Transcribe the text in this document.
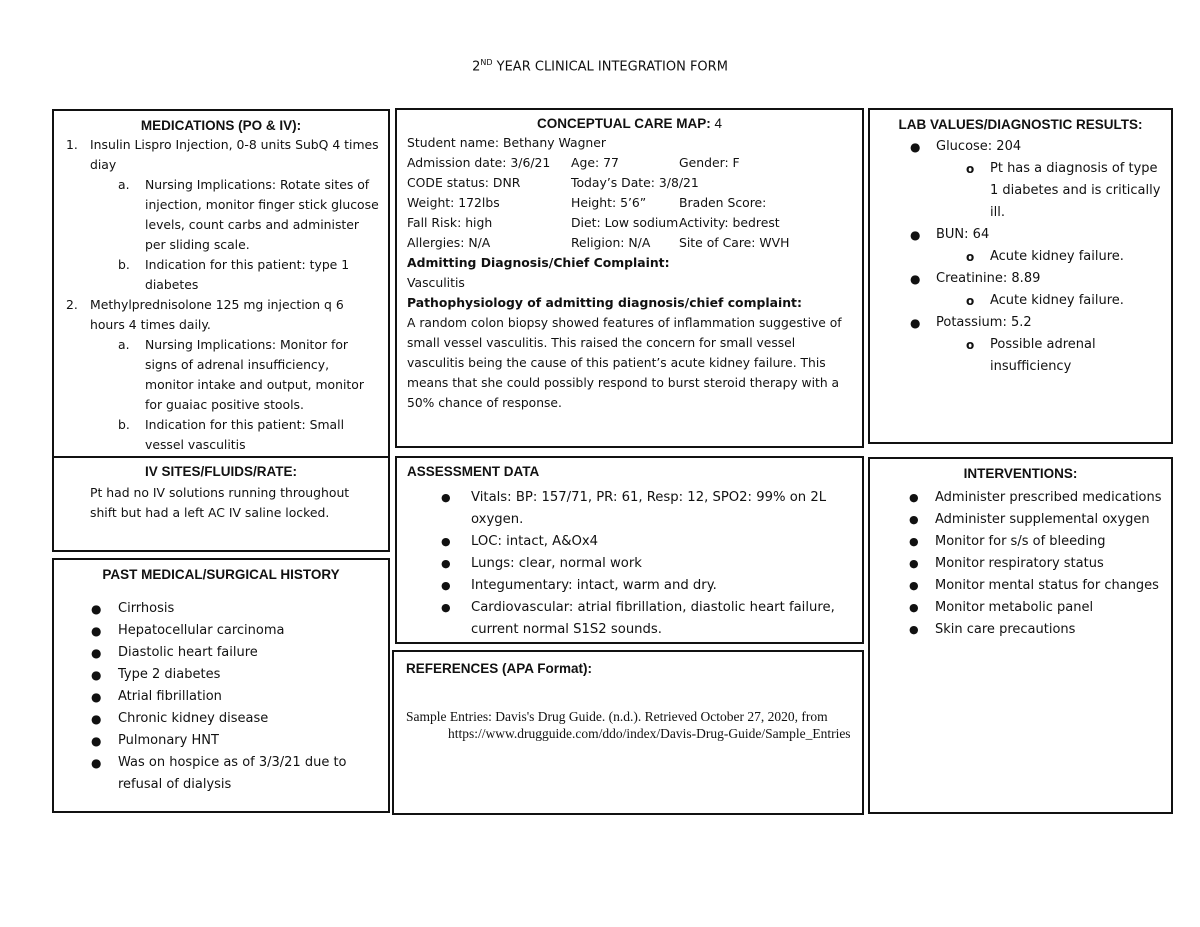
2ND YEAR CLINICAL INTEGRATION FORM
MEDICATIONS (PO & IV):
1. Insulin Lispro Injection, 0-8 units SubQ 4 times diay
a. Nursing Implications: Rotate sites of injection, monitor finger stick glucose levels, count carbs and administer per sliding scale.
b. Indication for this patient: type 1 diabetes
2. Methylprednisolone 125 mg injection q 6 hours 4 times daily.
a. Nursing Implications: Monitor for signs of adrenal insufficiency, monitor intake and output, monitor for guaiac positive stools.
b. Indication for this patient: Small vessel vasculitis
IV SITES/FLUIDS/RATE:
Pt had no IV solutions running throughout shift but had a left AC IV saline locked.
PAST MEDICAL/SURGICAL HISTORY
● Cirrhosis
● Hepatocellular carcinoma
● Diastolic heart failure
● Type 2 diabetes
● Atrial fibrillation
● Chronic kidney disease
● Pulmonary HNT
● Was on hospice as of 3/3/21 due to refusal of dialysis
CONCEPTUAL CARE MAP: 4
Student name: Bethany Wagner
Admission date: 3/6/21 Age: 77	Gender: F
CODE status: DNR	Today’s Date: 3/8/21
Weight: 172lbs	Height: 5’6”	Braden Score:
Fall Risk: high	Diet: Low sodium Activity: bedrest
Allergies: N/A	Religion: N/A Site of Care: WVH
Admitting Diagnosis/Chief Complaint:
Vasculitis
Pathophysiology of admitting diagnosis/chief complaint:
A random colon biopsy showed features of inflammation suggestive of small vessel vasculitis. This raised the concern for small vessel vasculitis being the cause of this patient’s acute kidney failure. This means that she could possibly respond to burst steroid therapy with a 50% chance of response.
ASSESSMENT DATA
● Vitals: BP: 157/71, PR: 61, Resp: 12, SPO2: 99% on 2L oxygen.
● LOC: intact, A&Ox4
● Lungs: clear, normal work
● Integumentary: intact, warm and dry.
● Cardiovascular: atrial fibrillation, diastolic heart failure, current normal S1S2 sounds.
REFERENCES (APA Format):
Sample Entries: Davis's Drug Guide. (n.d.). Retrieved October 27, 2020, from https://www.drugguide.com/ddo/index/Davis-Drug-Guide/Sample_Entries
LAB VALUES/DIAGNOSTIC RESULTS:
● Glucose: 204
o Pt has a diagnosis of type 1 diabetes and is critically ill.
● BUN: 64
o Acute kidney failure.
● Creatinine: 8.89
o Acute kidney failure.
● Potassium: 5.2
o Possible adrenal insufficiency
INTERVENTIONS:
● Administer prescribed medications
● Administer supplemental oxygen
● Monitor for s/s of bleeding
● Monitor respiratory status
● Monitor mental status for changes
● Monitor metabolic panel
● Skin care precautions
